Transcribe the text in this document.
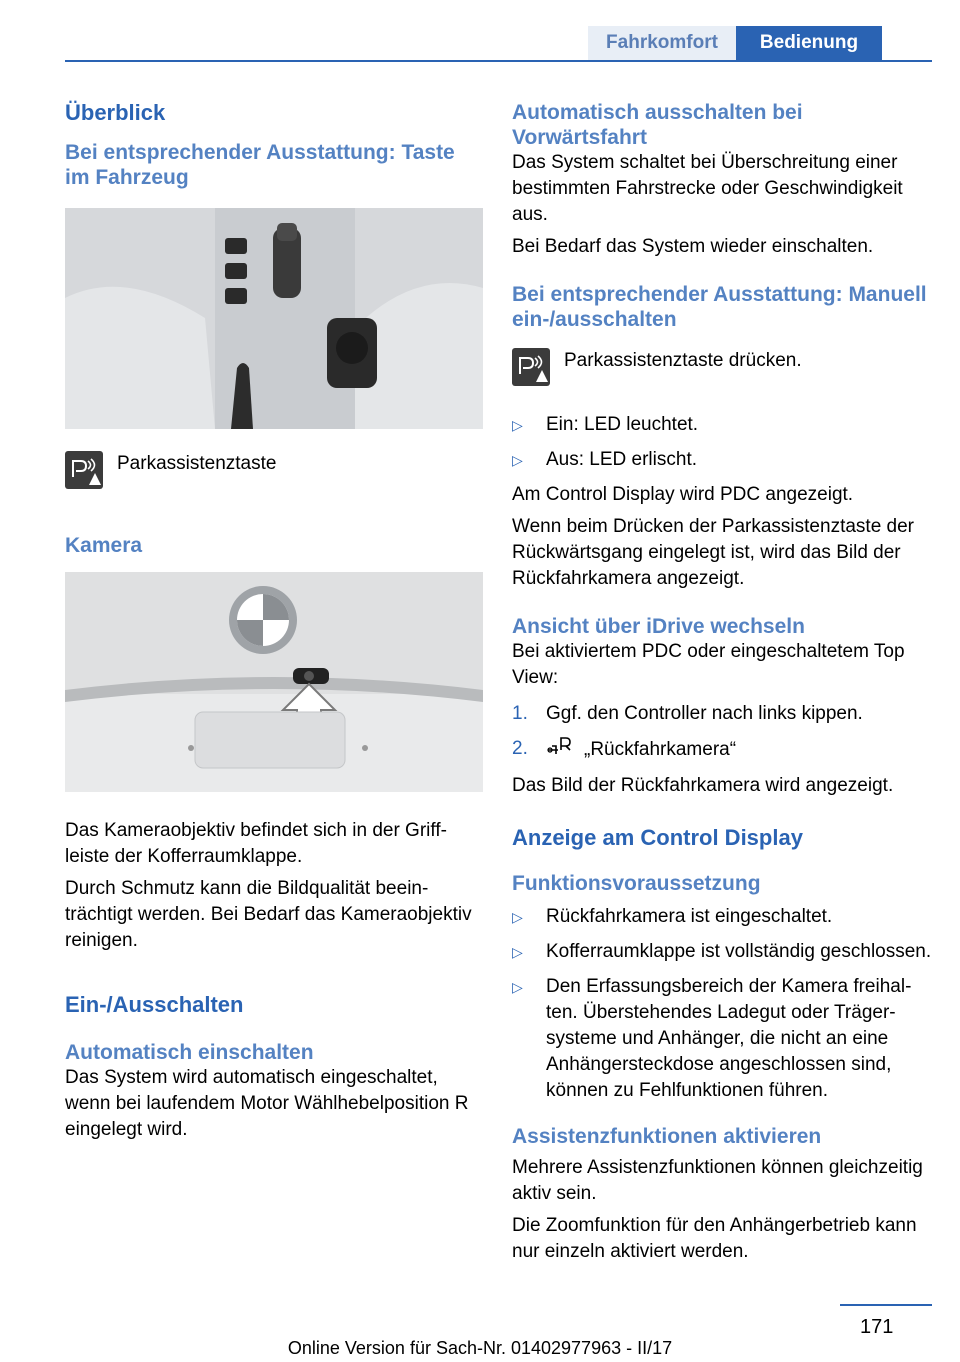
Fahrkomfort	Bedienung
Überblick
Bei entsprechender Ausstattung: Taste im Fahrzeug
Parkassistenztaste
Kamera
Das Kameraobjektiv befindet sich in der Griffleiste der Kofferraumklappe.
Durch Schmutz kann die Bildqualität beeinträchtigt werden. Bei Bedarf das Kameraobjektiv reinigen.
Ein-/Ausschalten
Automatisch einschalten
Das System wird automatisch eingeschaltet, wenn bei laufendem Motor Wählhebelposition R eingelegt wird.
Automatisch ausschalten bei Vorwärtsfahrt
Das System schaltet bei Überschreitung einer bestimmten Fahrstrecke oder Geschwindigkeit aus.
Bei Bedarf das System wieder einschalten.
Bei entsprechender Ausstattung: Manuell ein-/ausschalten
Parkassistenztaste drücken.
▷ Ein: LED leuchtet.
▷ Aus: LED erlischt.
Am Control Display wird PDC angezeigt.
Wenn beim Drücken der Parkassistenztaste der Rückwärtsgang eingelegt ist, wird das Bild der Rückfahrkamera angezeigt.
Ansicht über iDrive wechseln
Bei aktiviertem PDC oder eingeschaltetem Top View:
1. Ggf. den Controller nach links kippen.
2.	„Rückfahrkamera“
Das Bild der Rückfahrkamera wird angezeigt.
Anzeige am Control Display
Funktionsvoraussetzung
▷ Rückfahrkamera ist eingeschaltet.
▷ Kofferraumklappe ist vollständig geschlossen.
▷ Den Erfassungsbereich der Kamera freihalten. Überstehendes Ladegut oder Trägersysteme und Anhänger, die nicht an eine Anhängersteckdose angeschlossen sind, können zu Fehlfunktionen führen.
Assistenzfunktionen aktivieren
Mehrere Assistenzfunktionen können gleichzeitig aktiv sein.
Die Zoomfunktion für den Anhängerbetrieb kann nur einzeln aktiviert werden.
171
Online Version für Sach-Nr. 01402977963 - II/17
